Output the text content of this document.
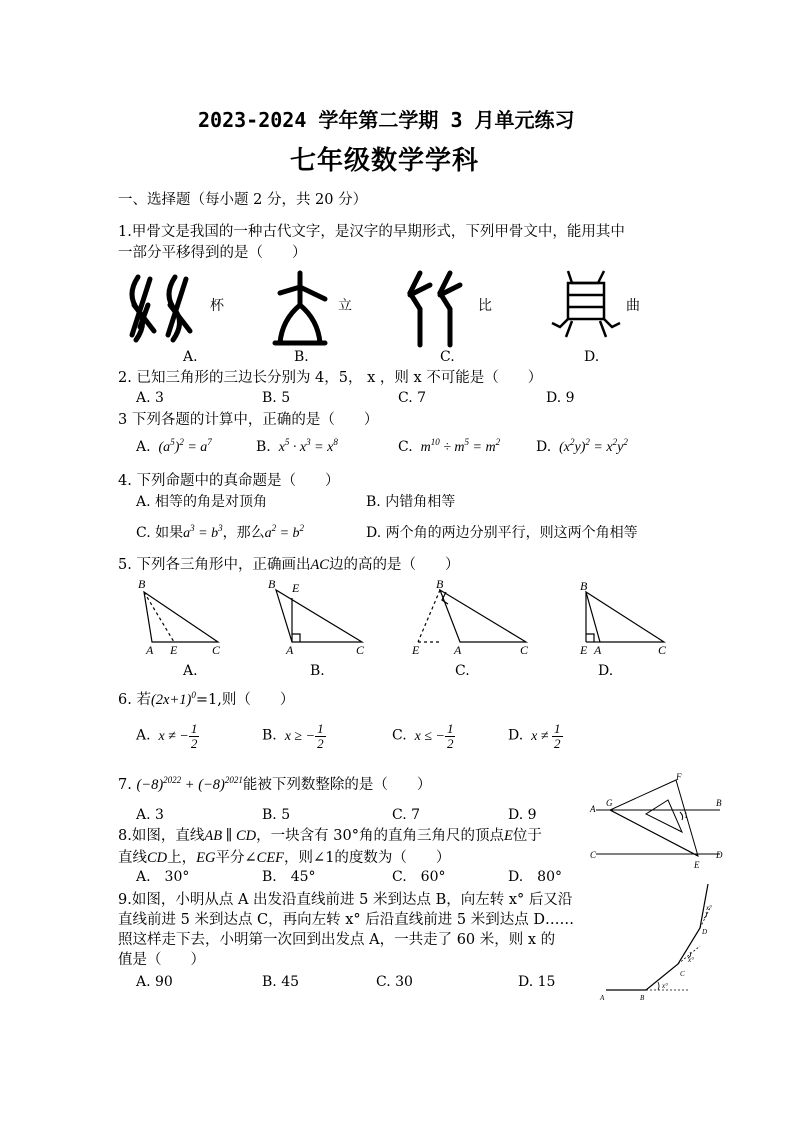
2023-2024 学年第二学期 3 月单元练习
七年级数学学科
一、选择题（每小题 2 分，共 20 分）
1.甲骨文是我国的一种古代文字，是汉字的早期形式，下列甲骨文中，能用其中
一部分平移得到的是（　　）
杯	立	比	曲
A.	B.	C.	D.
2. 已知三角形的三边长分别为 4，5， x ，则 x 不可能是（　　）
A. 3	B. 5	C. 7	D. 9
3 下列各题的计算中，正确的是（　　）
A.  $(a^5)^2 = a^7$	B.  $x^5 \cdot x^3 = x^8$	C.  $m^{10} \div m^5 = m^2$	D.  $(x^2y)^2 = x^2y^2$
4. 下列命题中的真命题是（　　）
A. 相等的角是对顶角	B. 内错角相等
C. 如果$a^3 = b^3$，那么$a^2 = b^2$	D. 两个角的两边分别平行，则这两个角相等
5. 下列各三角形中，正确画出AC边的高的是（　　）
B
A E	C
B E
A	C
B
E	A	C
B
E A	C
A.	B.	C.	D.
6. 若$(2x+1)^0=1$,则（　　）
A.  x ≠ − $\frac{1}{2}$	B.  x ≥ − $\frac{1}{2}$	C.  x ≤ − $\frac{1}{2}$	D.  $x \ne \frac{1}{2}$
7. $(-8)^{2022} + (-8)^{2021}$能被下列数整除的是（　　）
A. 3	B. 5	C. 7	D. 9
F
A
G	B
C
E
D
1
8.如图，直线AB ∥ CD，一块含有 30°角的直角三角尺的顶点E位于
直线CD上，EG平分∠CEF，则∠1的度数为（　　）
A.　30°	B.　45°	C.　60°	D.　80°
9.如图，小明从点 A 出发沿直线前进 5 米到达点 B，向左转 x° 后又沿
直线前进 5 米到达点 C，再向左转 x° 后沿直线前进 5 米到达点 D……
照这样走下去，小明第一次回到出发点 A，一共走了 60 米，则 x 的
值是（　　）
A. 90	B. 45	C. 30	D. 15
A	B
C
D
x°
x°
x°
